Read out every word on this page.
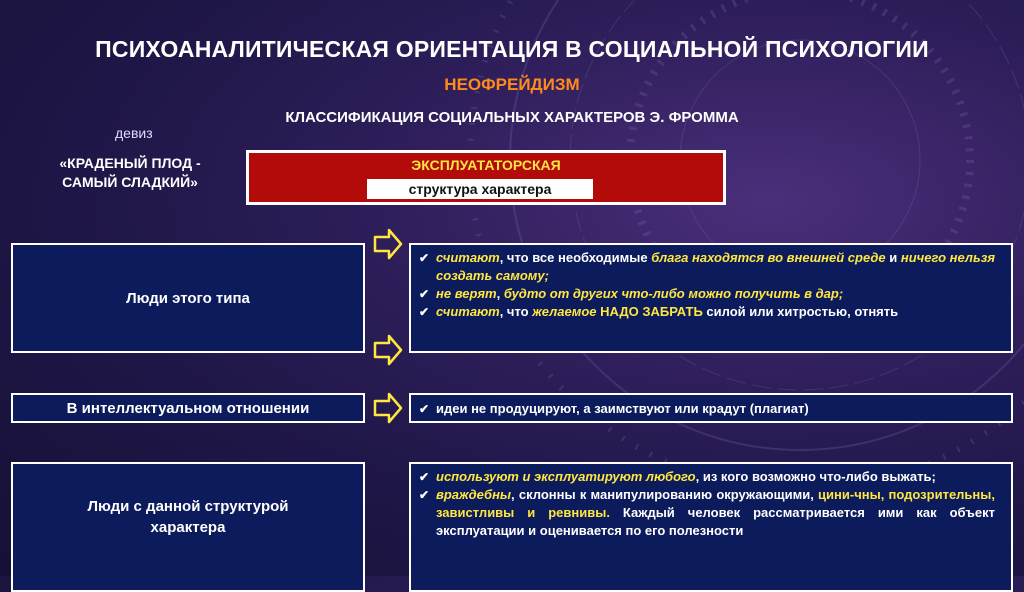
ПСИХОАНАЛИТИЧЕСКАЯ ОРИЕНТАЦИЯ В СОЦИАЛЬНОЙ ПСИХОЛОГИИ
НЕОФРЕЙДИЗМ
КЛАССИФИКАЦИЯ СОЦИАЛЬНЫХ ХАРАКТЕРОВ Э. ФРОММА
девиз
«КРАДЕНЫЙ ПЛОД -
САМЫЙ СЛАДКИЙ»
ЭКСПЛУАТАТОРСКАЯ
структура характера
Люди этого типа
✔ считают, что все необходимые блага находятся во внешней среде и ничего нельзя создать самому;
✔ не верят, будто от других что-либо можно получить в дар;
✔ считают, что желаемое НАДО ЗАБРАТЬ силой или хитростью, отнять
В интеллектуальном отношении	✔ идеи не продуцируют, а заимствуют или крадут (плагиат)
Люди с данной структурой
характера
✔ используют и эксплуатируют любого, из кого возможно что-либо выжать;
✔ враждебны, склонны к манипулированию окружающими, цини-чны, подозрительны, завистливы и ревнивы. Каждый человек рассматривается ими как объект эксплуатации и оценивается по его полезности
